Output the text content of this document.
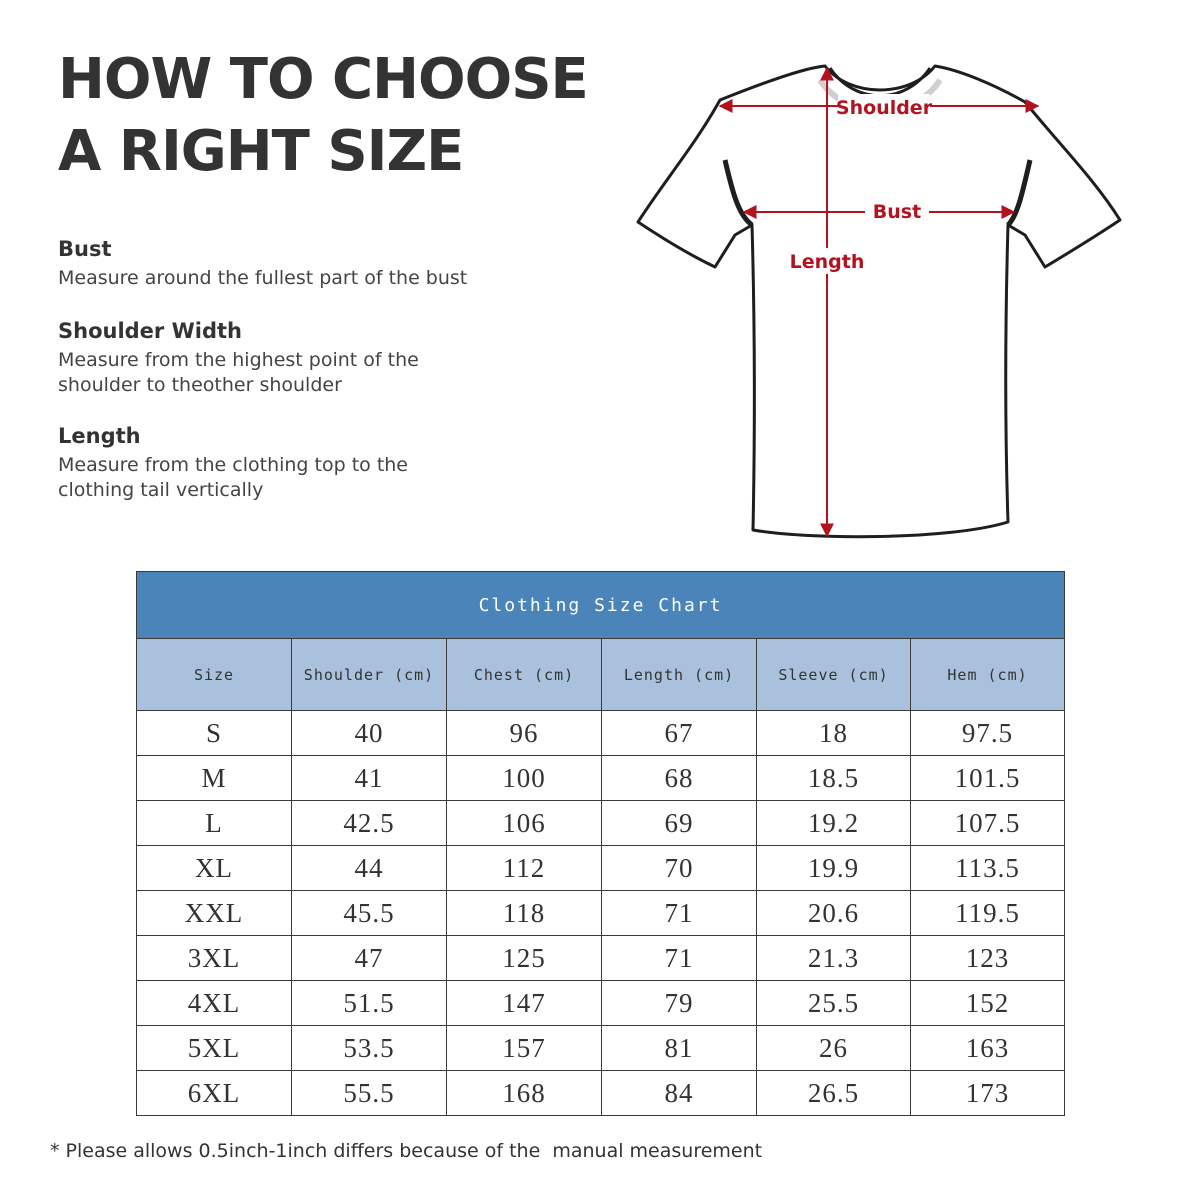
HOW TO CHOOSE
A RIGHT SIZE
Bust

Measure around the fullest part of the bust

Shoulder Width

Measure from the highest point of the shoulder to theother shoulder

Length

Measure from the clothing top to the clothing tail vertically

Shoulder
Bust
Length
Clothing Size Chart					
Size	Shoulder (cm)	Chest (cm)	Length (cm)	Sleeve (cm)	Hem (cm)
S	40	96	67	18	97.5
M	41	100	68	18.5	101.5
L	42.5	106	69	19.2	107.5
XL	44	112	70	19.9	113.5
XXL	45.5	118	71	20.6	119.5
3XL	47	125	71	21.3	123
4XL	51.5	147	79	25.5	152
5XL	53.5	157	81	26	163
6XL	55.5	168	84	26.5	173

* Please allows 0.5inch-1inch differs because of the  manual measurement
